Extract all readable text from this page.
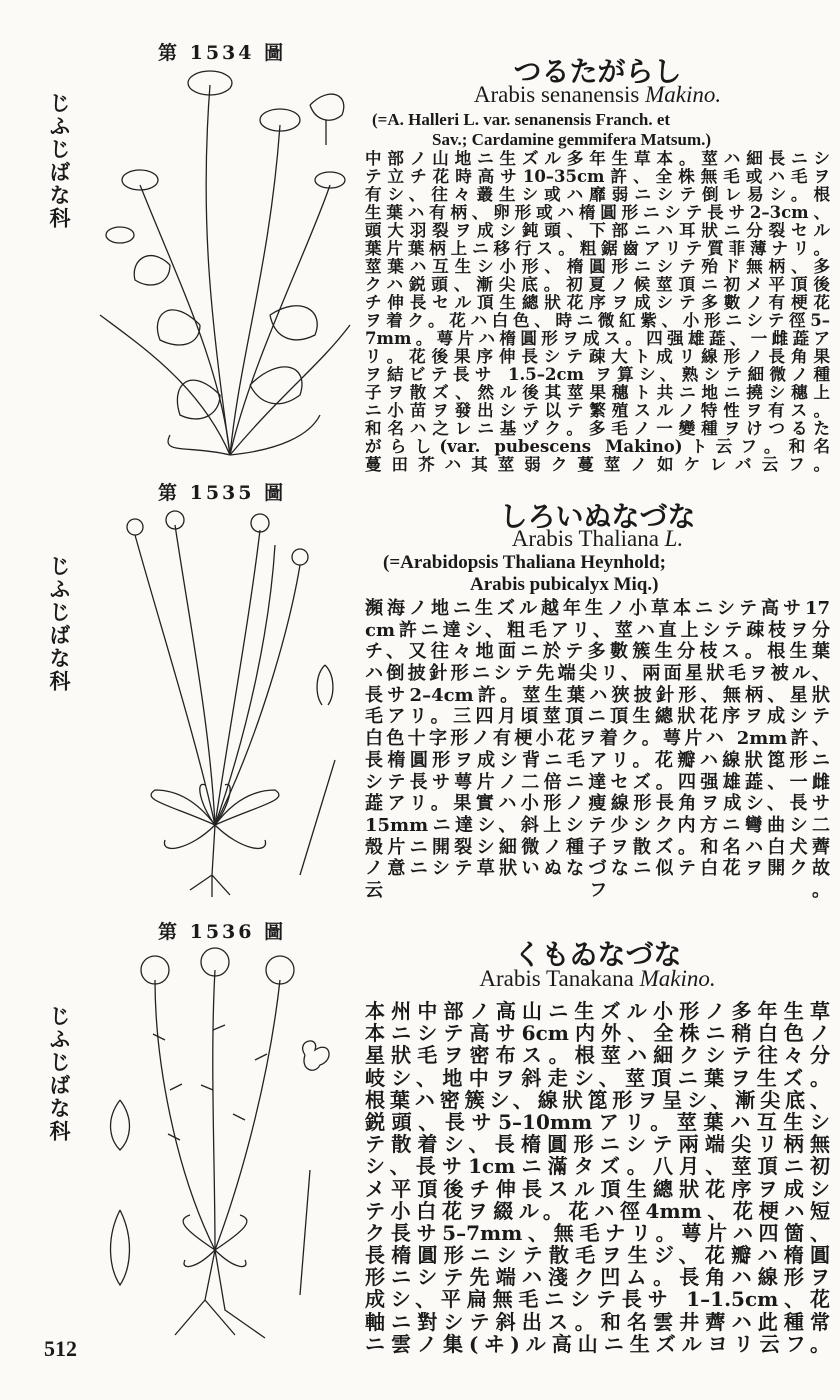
第 1534 圖
じふじばな科
つるたがらし
Arabis senanensis Makino.
(=A. Halleri L. var. senanensis Franch. et
Sav.; Cardamine gemmifera Matsum.)
中部ノ山地ニ生ズル多年生草本。莖ハ細長ニシ
テ立チ花時高サ10–35cm許、全株無毛或ハ毛ヲ
有シ、往々叢生シ或ハ靡弱ニシテ倒レ易シ。根
生葉ハ有柄、卵形或ハ楕圓形ニシテ長サ2–3cm、
頭大羽裂ヲ成シ鈍頭、下部ニハ耳狀ニ分裂セル
葉片葉柄上ニ移行ス。粗鋸齒アリテ質菲薄ナリ。
莖葉ハ互生シ小形、楕圓形ニシテ殆ド無柄、多
クハ鋭頭、漸尖底。初夏ノ候莖頂ニ初メ平頂後
チ伸長セル頂生總狀花序ヲ成シテ多數ノ有梗花
ヲ着ク。花ハ白色、時ニ微紅紫、小形ニシテ徑5–
7mm。萼片ハ楕圓形ヲ成ス。四强雄蕋、一雌蕋ア
リ。花後果序伸長シテ疎大ト成リ線形ノ長角果
ヲ結ビテ長サ 1.5–2cm ヲ算シ、熟シテ細微ノ種
子ヲ散ズ、然ル後其莖果穗ト共ニ地ニ撓シ穗上
ニ小苗ヲ發出シテ以テ繁殖スルノ特性ヲ有ス。
和名ハ之レニ基ヅク。多毛ノ一變種ヲけつるた
がらし(var. pubescens Makino)ト云フ。和名
蔓田芥ハ其莖弱ク蔓莖ノ如ケレバ云フ。
第 1535 圖
じふじばな科
しろいぬなづな
Arabis Thaliana L.
(=Arabidopsis Thaliana Heynhold;
Arabis pubicalyx Miq.)
瀕海ノ地ニ生ズル越年生ノ小草本ニシテ高サ17
cm許ニ達シ、粗毛アリ、莖ハ直上シテ疎枝ヲ分
チ、又往々地面ニ於テ多數簇生分枝ス。根生葉
ハ倒披針形ニシテ先端尖リ、兩面星狀毛ヲ被ル、
長サ2–4cm許。莖生葉ハ狹披針形、無柄、星狀
毛アリ。三四月頃莖頂ニ頂生總狀花序ヲ成シテ
白色十字形ノ有梗小花ヲ着ク。萼片ハ 2mm許、
長楕圓形ヲ成シ背ニ毛アリ。花瓣ハ線狀箆形ニ
シテ長サ萼片ノ二倍ニ達セズ。四强雄蕋、一雌
蕋アリ。果實ハ小形ノ瘦線形長角ヲ成シ、長サ
15mmニ達シ、斜上シテ少シク内方ニ彎曲シ二
殼片ニ開裂シ細微ノ種子ヲ散ズ。和名ハ白犬薺
ノ意ニシテ草狀いぬなづなニ似テ白花ヲ開ク故
云フ。
第 1536 圖
じふじばな科
くもゐなづな
Arabis Tanakana Makino.
本州中部ノ高山ニ生ズル小形ノ多年生草
本ニシテ高サ6cm内外、全株ニ稍白色ノ
星狀毛ヲ密布ス。根莖ハ細クシテ往々分
岐シ、地中ヲ斜走シ、莖頂ニ葉ヲ生ズ。
根葉ハ密簇シ、線狀箆形ヲ呈シ、漸尖底、
鋭頭、長サ5–10mmアリ。莖葉ハ互生シ
テ散着シ、長楕圓形ニシテ兩端尖リ柄無
シ、長サ1cmニ滿タズ。八月、莖頂ニ初
メ平頂後チ伸長スル頂生總狀花序ヲ成シ
テ小白花ヲ綴ル。花ハ徑4mm、花梗ハ短
ク長サ5–7mm、無毛ナリ。萼片ハ四箇、
長楕圓形ニシテ散毛ヲ生ジ、花瓣ハ楕圓
形ニシテ先端ハ淺ク凹ム。長角ハ線形ヲ
成シ、平扁無毛ニシテ長サ 1–1.5cm、花
軸ニ對シテ斜出ス。和名雲井薺ハ此種常
ニ雲ノ集(ヰ)ル高山ニ生ズルヨリ云フ。
512
